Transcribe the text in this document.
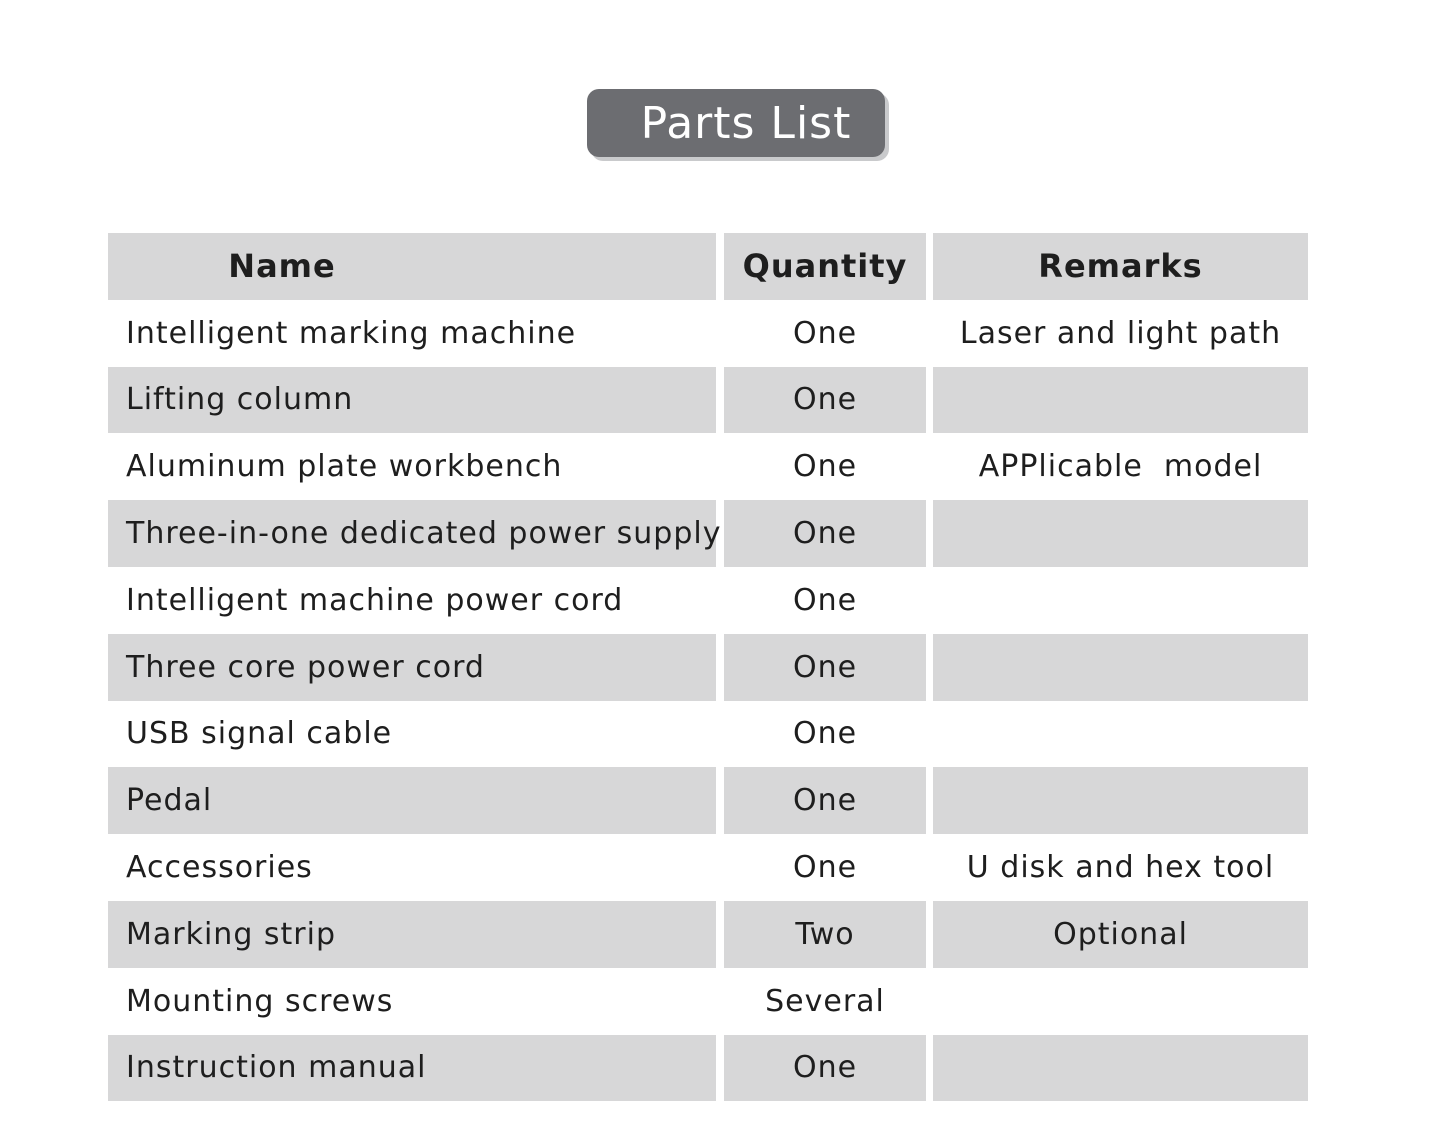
Parts List
Name	Quantity	Remarks
Intelligent marking machine	One	Laser and light path
Lifting column	One
Aluminum plate workbench	One	APPlicable  model
Three-in-one dedicated power supply	One
Intelligent machine power cord	One
Three core power cord	One
USB signal cable	One
Pedal	One
Accessories	One	U disk and hex tool
Marking strip	Two	Optional
Mounting screws	Several
Instruction manual	One
